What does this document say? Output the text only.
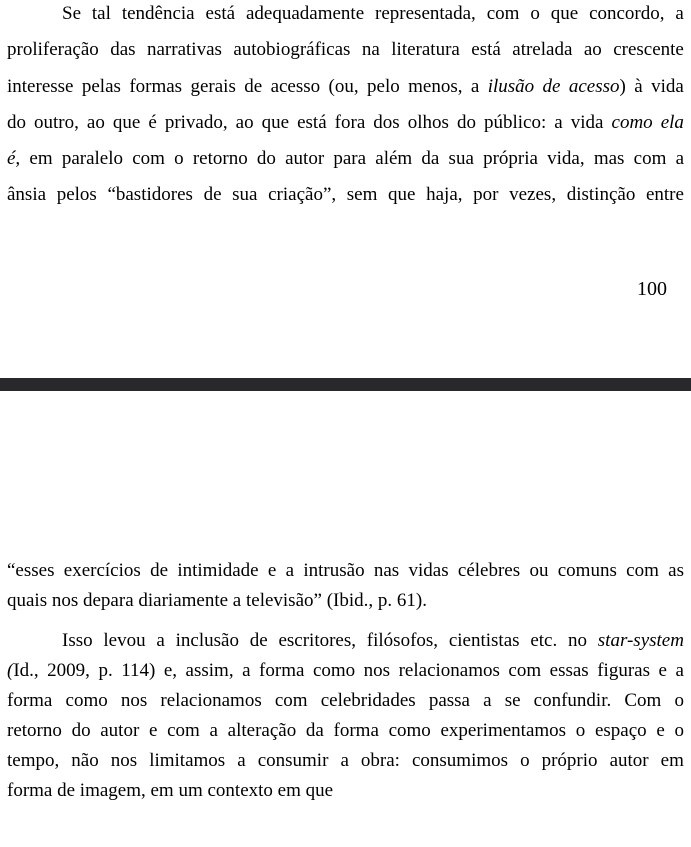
Se tal tendência está adequadamente representada, com o que concordo, a
proliferação das narrativas autobiográficas na literatura está atrelada ao crescente
interesse pelas formas gerais de acesso (ou, pelo menos, a ilusão de acesso) à vida
do outro, ao que é privado, ao que está fora dos olhos do público: a vida como ela
é, em paralelo com o retorno do autor para além da sua própria vida, mas com a
ânsia pelos “bastidores de sua criação”, sem que haja, por vezes, distinção entre
100
“esses exercícios de intimidade e a intrusão nas vidas célebres ou comuns com as
quais nos depara diariamente a televisão” (Ibid., p. 61).
Isso levou a inclusão de escritores, filósofos, cientistas etc. no star-system
(Id., 2009, p. 114) e, assim, a forma como nos relacionamos com essas figuras e a
forma como nos relacionamos com celebridades passa a se confundir. Com o
retorno do autor e com a alteração da forma como experimentamos o espaço e o
tempo, não nos limitamos a consumir a obra: consumimos o próprio autor em
forma de imagem, em um contexto em que
